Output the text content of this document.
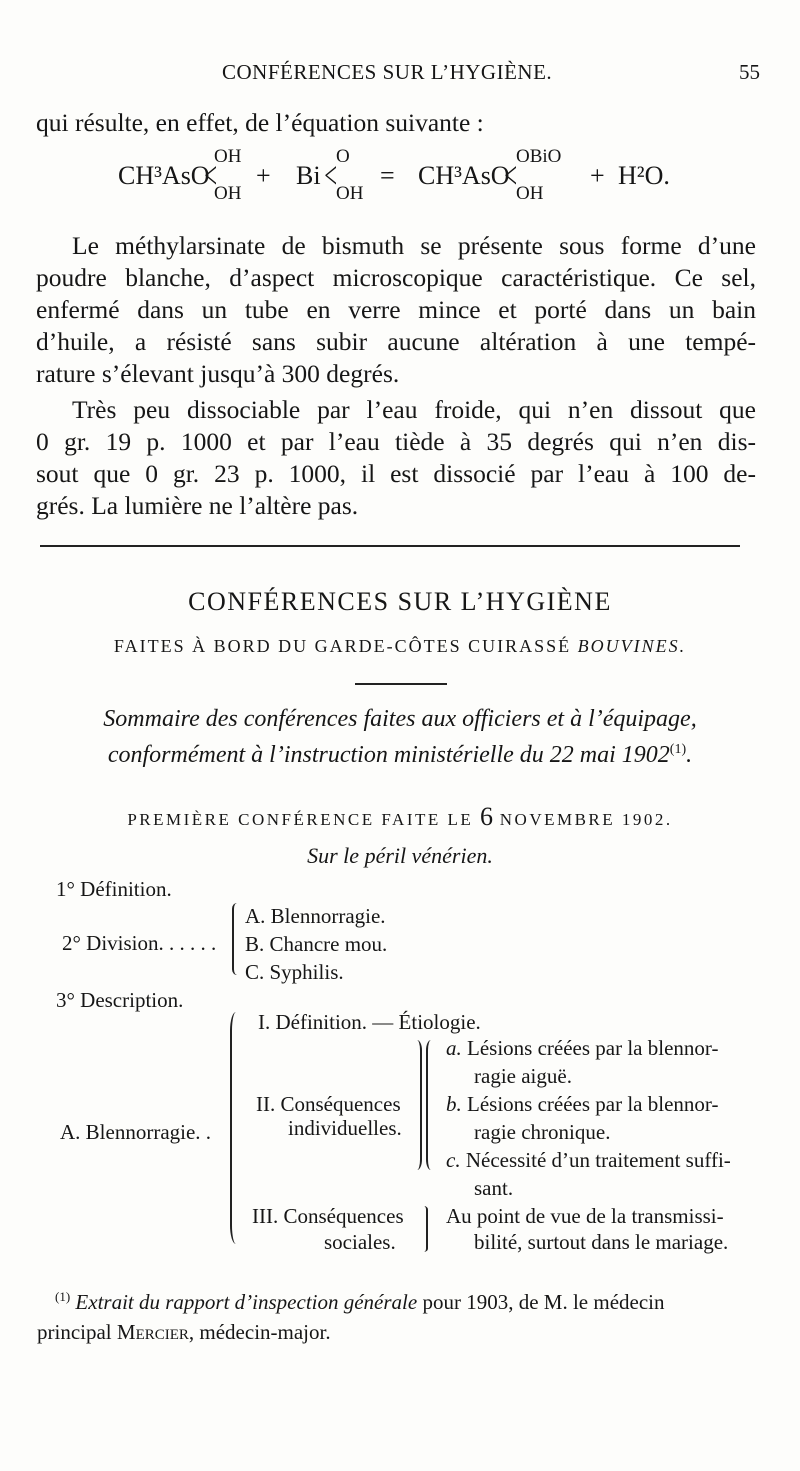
CONFÉRENCES SUR L’HYGIÈNE.	55
qui résulte, en effet, de l’équation suivante :
CH³AsO
<
OH
OH
+ Bi <
O
OH
= CH³AsO
<
OBiO
OH
+ H²O.
Le méthylarsinate de bismuth se présente sous forme d’une
poudre blanche, d’aspect microscopique caractéristique. Ce sel,
enfermé dans un tube en verre mince et porté dans un bain
d’huile, a résisté sans subir aucune altération à une tempé-
rature s’élevant jusqu’à 300 degrés.
Très peu dissociable par l’eau froide, qui n’en dissout que
0 gr. 19 p. 1000 et par l’eau tiède à 35 degrés qui n’en dis-
sout que 0 gr. 23 p. 1000, il est dissocié par l’eau à 100 de-
grés. La lumière ne l’altère pas.
CONFÉRENCES SUR L’HYGIÈNE
FAITES À BORD DU GARDE-CÔTES CUIRASSÉ BOUVINES.
Sommaire des conférences faites aux officiers et à l’équipage,
conformément à l’instruction ministérielle du 22 mai 1902$^{(1)}$.
PREMIÈRE CONFÉRENCE FAITE LE 6 NOVEMBRE 1902.
Sur le péril vénérien.
1° Définition.
2° Division. . . . . .
A. Blennorragie.
B. Chancre mou.
C. Syphilis.
3° Description.
A. Blennorragie. .
I. Définition. — Étiologie.
II. Conséquences
individuelles.
a. Lésions créées par la blennor-
ragie aiguë.
b. Lésions créées par la blennor-
ragie chronique.
c. Nécessité d’un traitement suffi-
sant.
III. Conséquences
sociales.
Au point de vue de la transmissi-
bilité, surtout dans le mariage.
$^{(1)}$ Extrait du rapport d’inspection générale pour 1903, de M. le médecin
principal Mercier, médecin-major.
